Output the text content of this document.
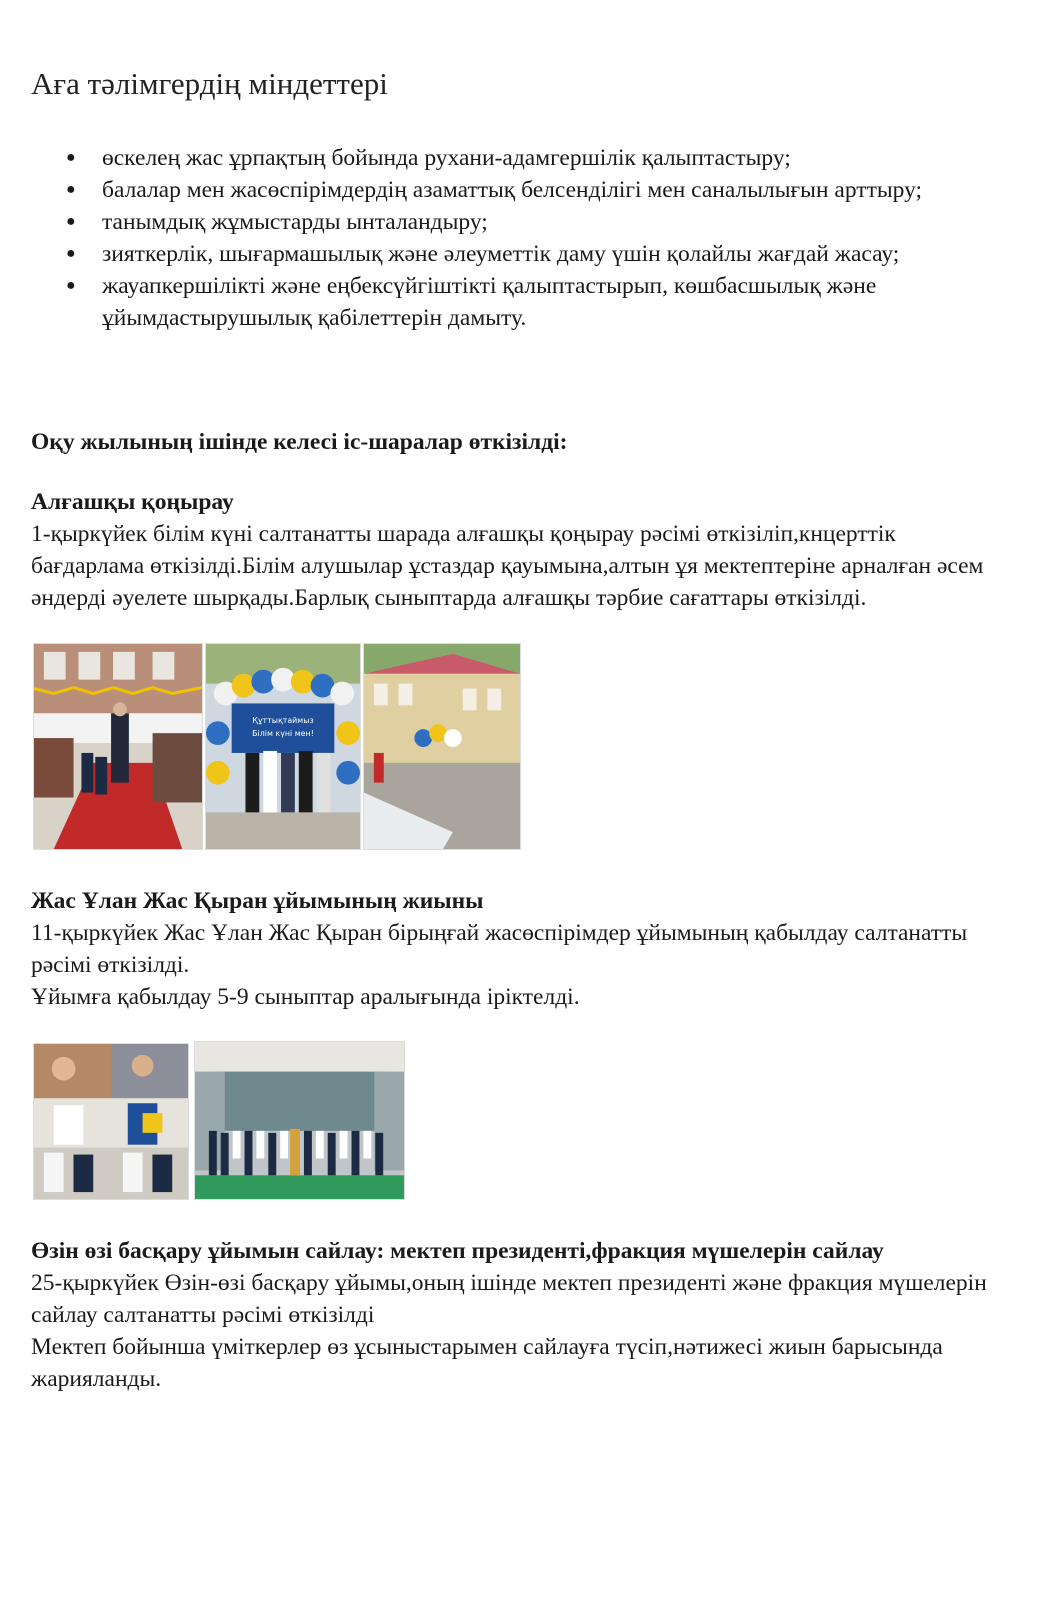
Аға тәлімгердің міндеттері
● өскелең жас ұрпақтың бойында рухани-адамгершілік қалыптастыру;
● балалар мен жасөспірімдердің азаматтық белсенділігі мен саналылығын арттыру;
● танымдық жұмыстарды ынталандыру;
● зияткерлік, шығармашылық және әлеуметтік даму үшін қолайлы жағдай жасау;
● жауапкершілікті және еңбексүйгіштікті қалыптастырып, көшбасшылық және ұйымдастырушылық қабілеттерін дамыту.

Оқу жылының ішінде келесі іс-шаралар өткізілді:

Алғашқы қоңырау
1-қыркүйек білім күні салтанатты шарада алғашқы қоңырау рәсімі өткізіліп,кнцерттік бағдарлама өткізілді.Білім алушылар ұстаздар қауымына,алтын ұя мектептеріне арналған әсем әндерді әуелете шырқады.Барлық сыныптарда алғашқы тәрбие сағаттары өткізілді.
Құттықтаймыз
Білім күні мен!
Жас Ұлан Жас Қыран ұйымының жиыны
11-қыркүйек Жас Ұлан Жас Қыран бірыңғай жасөспірімдер ұйымының қабылдау салтанатты рәсімі өткізілді.
Ұйымға қабылдау 5-9 сыныптар аралығында іріктелді.
Өзін өзі басқару ұйымын сайлау: мектеп президенті,фракция мүшелерін сайлау
25-қыркүйек Өзін-өзі басқару ұйымы,оның ішінде мектеп президенті және фракция мүшелерін сайлау салтанатты рәсімі өткізілді
Мектеп бойынша үміткерлер өз ұсыныстарымен сайлауға түсіп,нәтижесі жиын барысында жарияланды.
